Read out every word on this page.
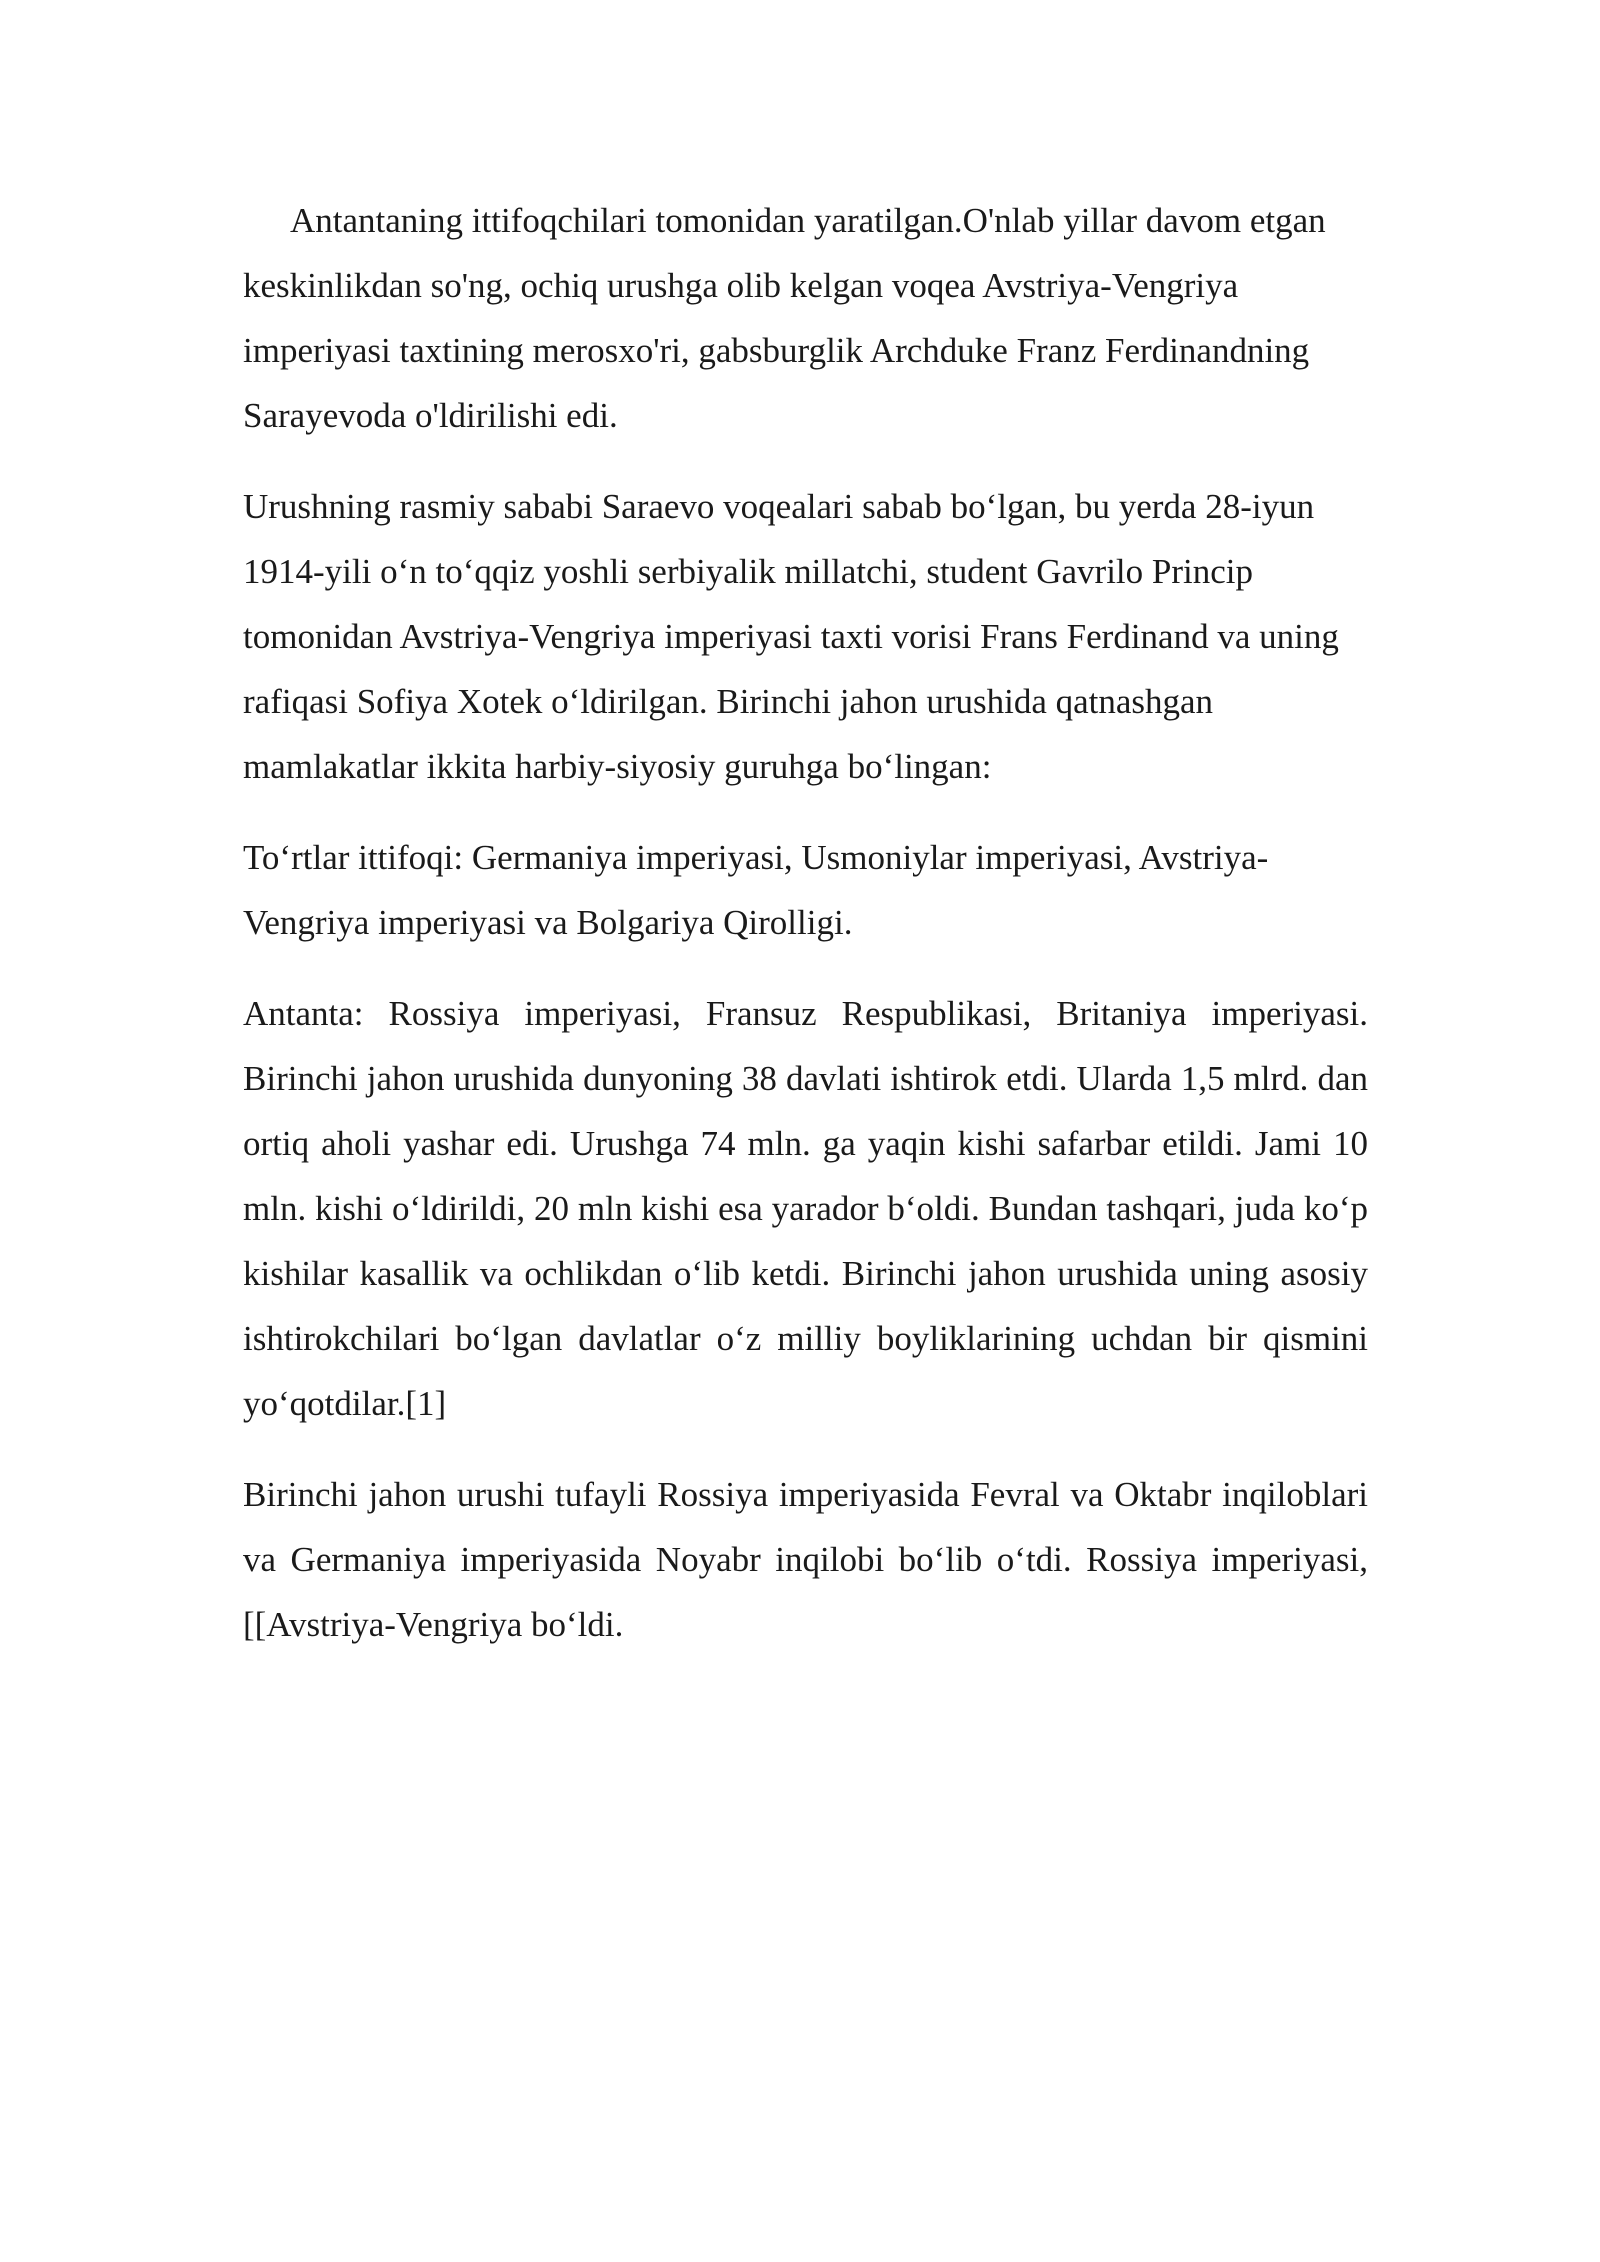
Antantaning ittifoqchilari tomonidan yaratilgan.O'nlab yillar davom etgan keskinlikdan so'ng, ochiq urushga olib kelgan voqea Avstriya-Vengriya imperiyasi taxtining merosxo'ri, gabsburglik Archduke Franz Ferdinandning Sarayevoda o'ldirilishi edi.

Urushning rasmiy sababi Saraevo voqealari sabab bo‘lgan, bu yerda 28-iyun 1914-yili o‘n to‘qqiz yoshli serbiyalik millatchi, student Gavrilo Princip tomonidan Avstriya-Vengriya imperiyasi taxti vorisi Frans Ferdinand va uning rafiqasi Sofiya Xotek o‘ldirilgan. Birinchi jahon urushida qatnashgan mamlakatlar ikkita harbiy-siyosiy guruhga bo‘lingan:

To‘rtlar ittifoqi: Germaniya imperiyasi, Usmoniylar imperiyasi, Avstriya-Vengriya imperiyasi va Bolgariya Qirolligi.

Antanta: Rossiya imperiyasi, Fransuz Respublikasi, Britaniya imperiyasi. Birinchi jahon urushida dunyoning 38 davlati ishtirok etdi. Ularda 1,5 mlrd. dan ortiq aholi yashar edi. Urushga 74 mln. ga yaqin kishi safarbar etildi. Jami 10 mln. kishi o‘ldirildi, 20 mln kishi esa yarador b‘oldi. Bundan tashqari, juda ko‘p kishilar kasallik va ochlikdan o‘lib ketdi. Birinchi jahon urushida uning asosiy ishtirokchilari bo‘lgan davlatlar o‘z milliy boyliklarining uchdan bir qismini yo‘qotdilar.[1]

Birinchi jahon urushi tufayli Rossiya imperiyasida Fevral va Oktabr inqiloblari va Germaniya imperiyasida Noyabr inqilobi bo‘lib o‘tdi. Rossiya imperiyasi, [[Avstriya-Vengriya bo‘ldi.
